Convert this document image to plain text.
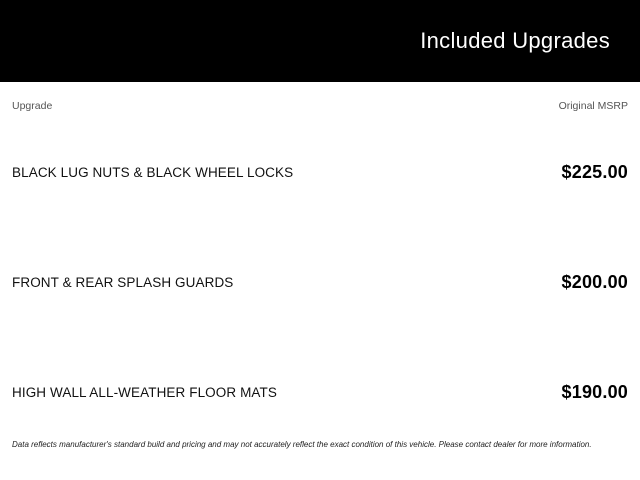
Included Upgrades
Upgrade	Original MSRP
BLACK LUG NUTS & BLACK WHEEL LOCKS	$225.00
FRONT & REAR SPLASH GUARDS	$200.00
HIGH WALL ALL-WEATHER FLOOR MATS	$190.00
Data reflects manufacturer's standard build and pricing and may not accurately reflect the exact condition of this vehicle. Please contact dealer for more information.
